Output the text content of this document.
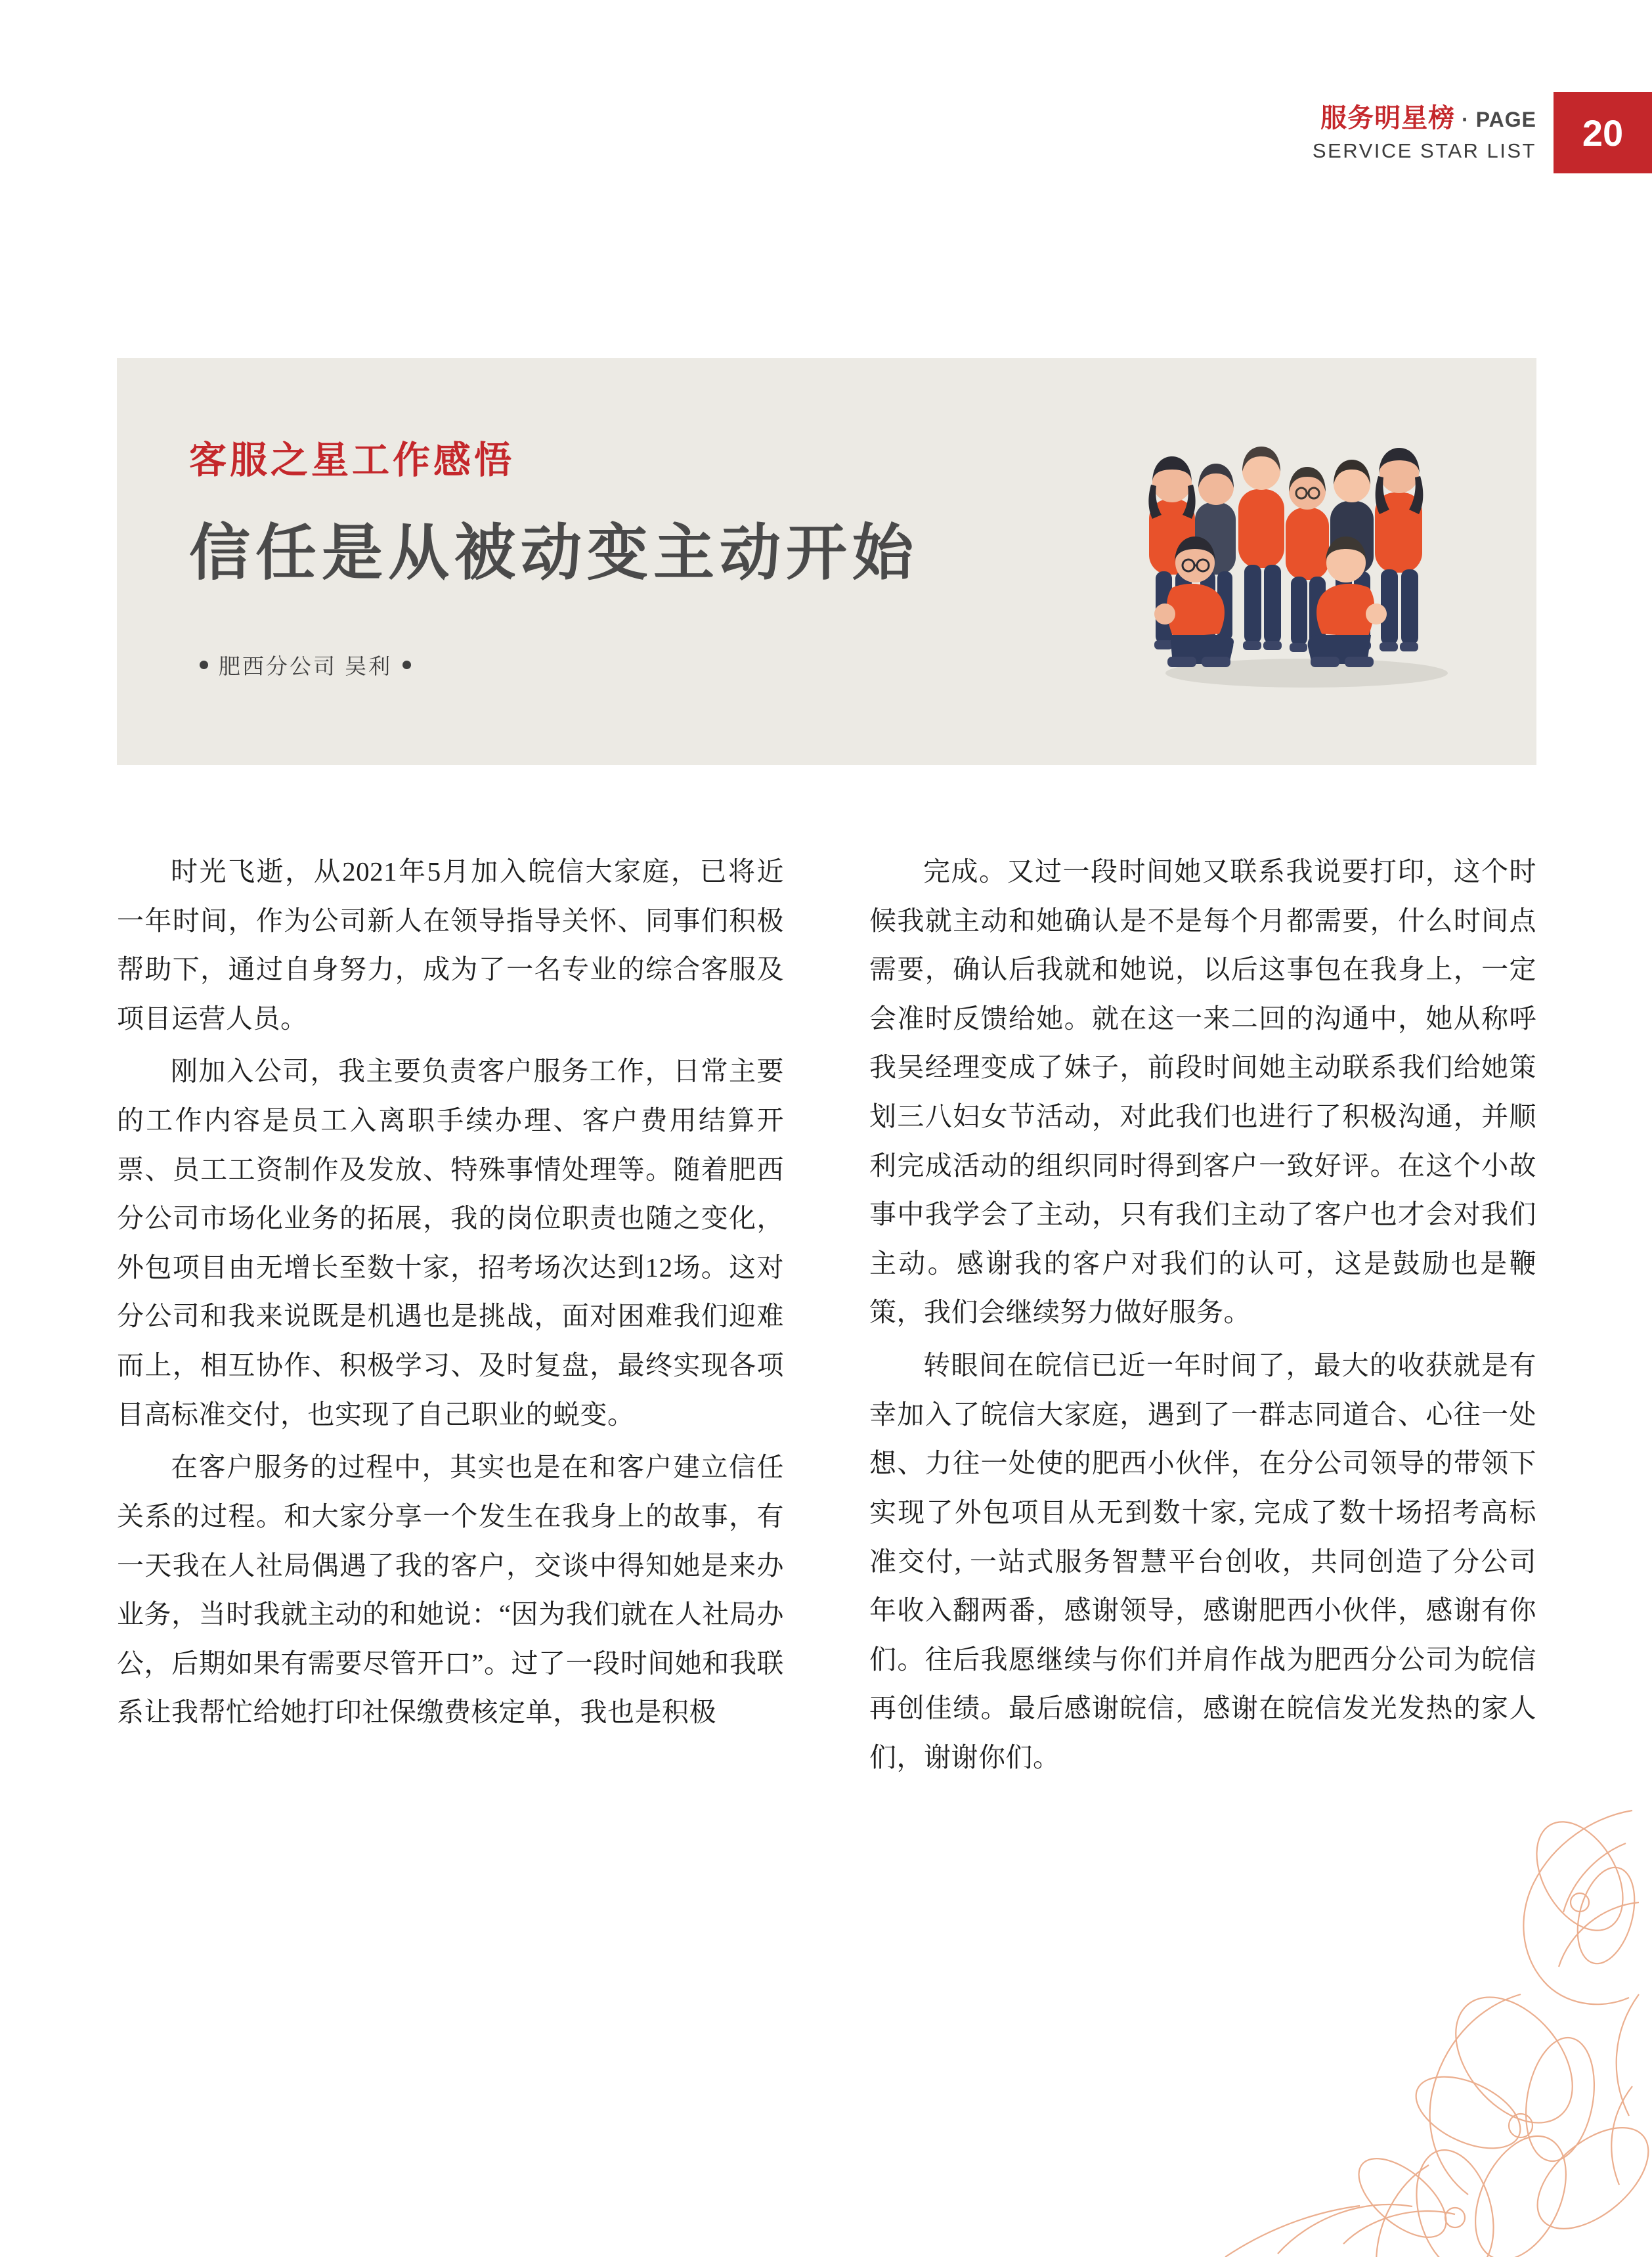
服务明星榜 · PAGE
SERVICE STAR LIST	20
客服之星工作感悟
信任是从被动变主动开始
肥西分公司 吴利

时光飞逝，从2021年5月加入皖信大家庭，已将近一年时间，作为公司新人在领导指导关怀、同事们积极帮助下，通过自身努力，成为了一名专业的综合客服及项目运营人员。

刚加入公司，我主要负责客户服务工作，日常主要的工作内容是员工入离职手续办理、客户费用结算开票、员工工资制作及发放、特殊事情处理等。随着肥西分公司市场化业务的拓展，我的岗位职责也随之变化，外包项目由无增长至数十家，招考场次达到12场。这对分公司和我来说既是机遇也是挑战，面对困难我们迎难而上，相互协作、积极学习、及时复盘，最终实现各项目高标准交付，也实现了自己职业的蜕变。

在客户服务的过程中，其实也是在和客户建立信任关系的过程。和大家分享一个发生在我身上的故事，有一天我在人社局偶遇了我的客户，交谈中得知她是来办业务，当时我就主动的和她说：“因为我们就在人社局办公，后期如果有需要尽管开口”。过了一段时间她和我联系让我帮忙给她打印社保缴费核定单，我也是积极

完成。又过一段时间她又联系我说要打印，这个时候我就主动和她确认是不是每个月都需要，什么时间点需要，确认后我就和她说，以后这事包在我身上，一定会准时反馈给她。就在这一来二回的沟通中，她从称呼我吴经理变成了妹子，前段时间她主动联系我们给她策划三八妇女节活动，对此我们也进行了积极沟通，并顺利完成活动的组织同时得到客户一致好评。在这个小故事中我学会了主动，只有我们主动了客户也才会对我们主动。感谢我的客户对我们的认可，这是鼓励也是鞭策，我们会继续努力做好服务。

转眼间在皖信已近一年时间了，最大的收获就是有幸加入了皖信大家庭，遇到了一群志同道合、心往一处想、力往一处使的肥西小伙伴，在分公司领导的带领下实现了外包项目从无到数十家, 完成了数十场招考高标准交付, 一站式服务智慧平台创收，共同创造了分公司年收入翻两番，感谢领导，感谢肥西小伙伴，感谢有你们。往后我愿继续与你们并肩作战为肥西分公司为皖信再创佳绩。最后感谢皖信，感谢在皖信发光发热的家人们，谢谢你们。
